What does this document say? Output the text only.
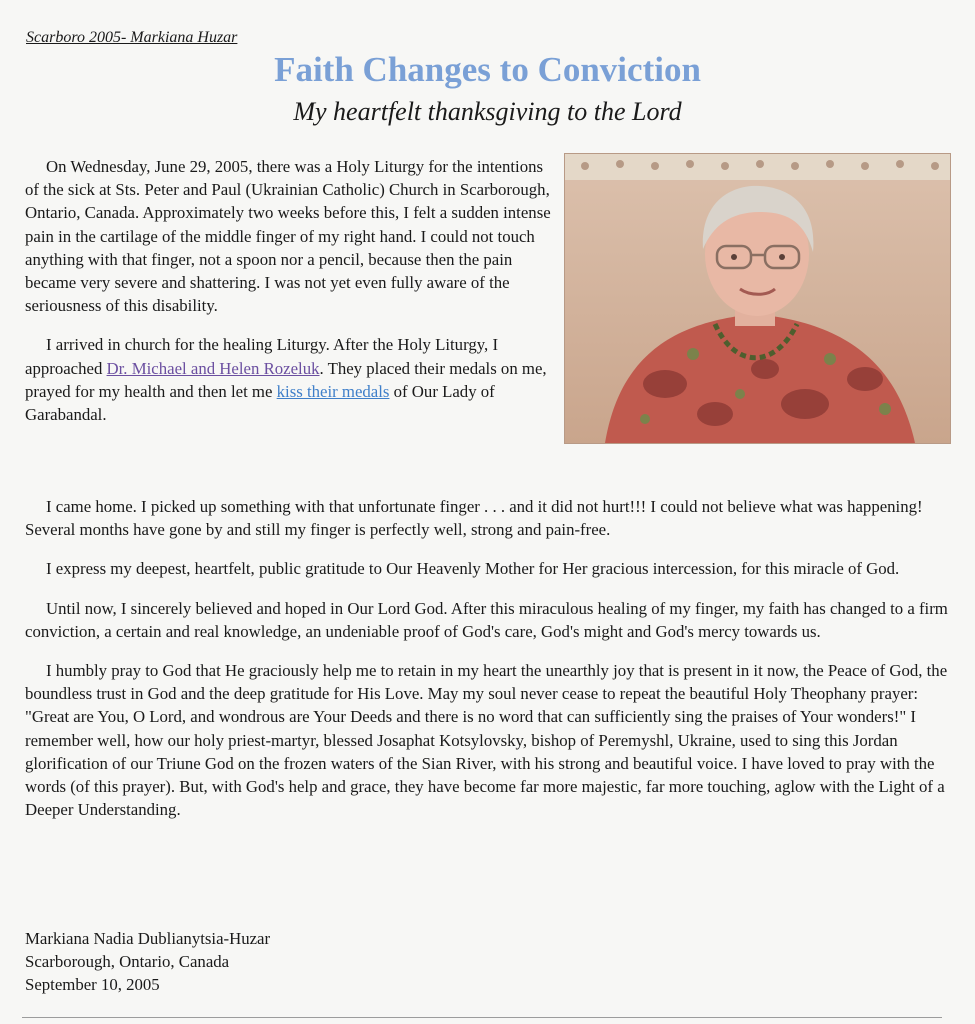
Scarboro 2005- Markiana Huzar
Faith Changes to Conviction
My heartfelt thanksgiving to the Lord

On Wednesday, June 29, 2005, there was a Holy Liturgy for the intentions of the sick at Sts. Peter and Paul (Ukrainian Catholic) Church in Scarborough, Ontario, Canada. Approximately two weeks before this, I felt a sudden intense pain in the cartilage of the middle finger of my right hand. I could not touch anything with that finger, not a spoon nor a pencil, because then the pain became very severe and shattering. I was not yet even fully aware of the seriousness of this disability.

I arrived in church for the healing Liturgy. After the Holy Liturgy, I approached Dr. Michael and Helen Rozeluk. They placed their medals on me, prayed for my health and then let me kiss their medals of Our Lady of Garabandal.

I came home. I picked up something with that unfortunate finger . . . and it did not hurt!!! I could not believe what was happening! Several months have gone by and still my finger is perfectly well, strong and pain-free.

I express my deepest, heartfelt, public gratitude to Our Heavenly Mother for Her gracious intercession, for this miracle of God.

Until now, I sincerely believed and hoped in Our Lord God. After this miraculous healing of my finger, my faith has changed to a firm conviction, a certain and real knowledge, an undeniable proof of God's care, God's might and God's mercy towards us.

I humbly pray to God that He graciously help me to retain in my heart the unearthly joy that is present in it now, the Peace of God, the boundless trust in God and the deep gratitude for His Love. May my soul never cease to repeat the beautiful Holy Theophany prayer: "Great are You, O Lord, and wondrous are Your Deeds and there is no word that can sufficiently sing the praises of Your wonders!" I remember well, how our holy priest-martyr, blessed Josaphat Kotsylovsky, bishop of Peremyshl, Ukraine, used to sing this Jordan glorification of our Triune God on the frozen waters of the Sian River, with his strong and beautiful voice. I have loved to pray with the words (of this prayer). But, with God's help and grace, they have become far more majestic, far more touching, aglow with the Light of a Deeper Understanding.

Markiana Nadia Dublianytsia-Huzar
Scarborough, Ontario, Canada
September 10, 2005
